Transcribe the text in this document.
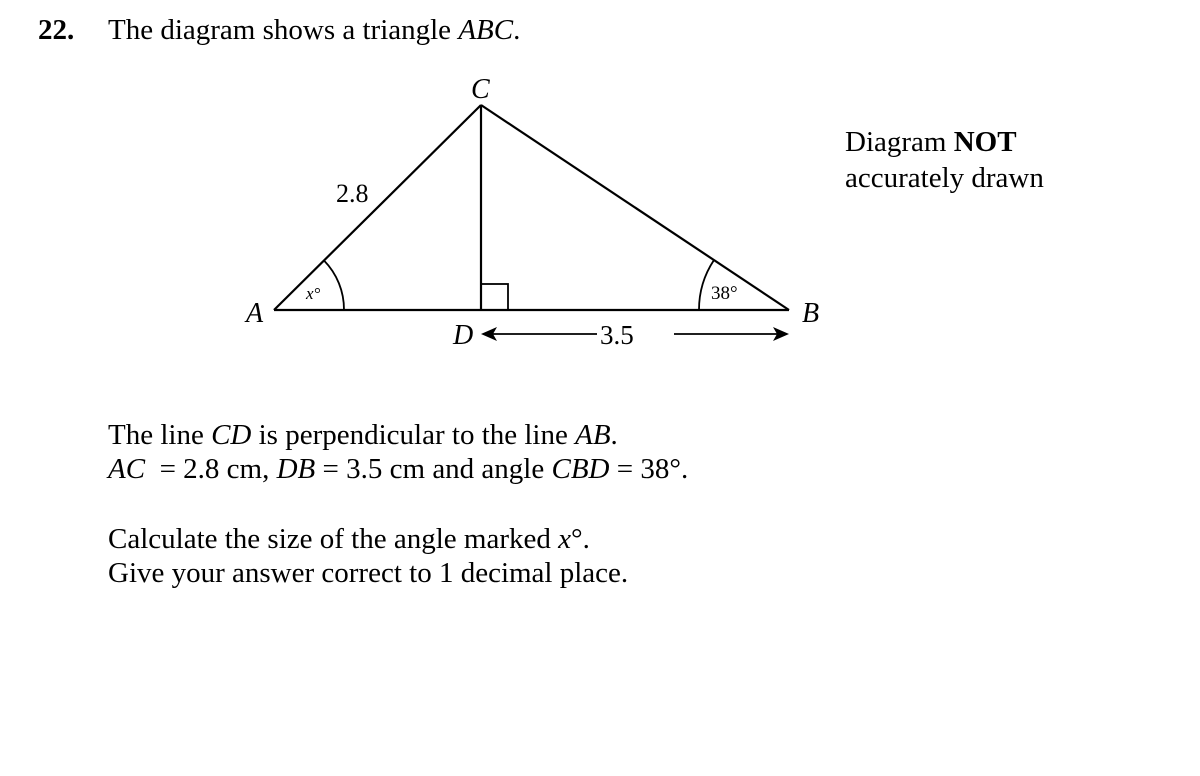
22. The diagram shows a triangle ABC.
Diagram NOT
accurately drawn
C
A	B
D
2.8
3.5
x°	38°
The line CD is perpendicular to the line AB.
AC  = 2.8 cm, DB = 3.5 cm and angle CBD = 38°.
Calculate the size of the angle marked x°.
Give your answer correct to 1 decimal place.
